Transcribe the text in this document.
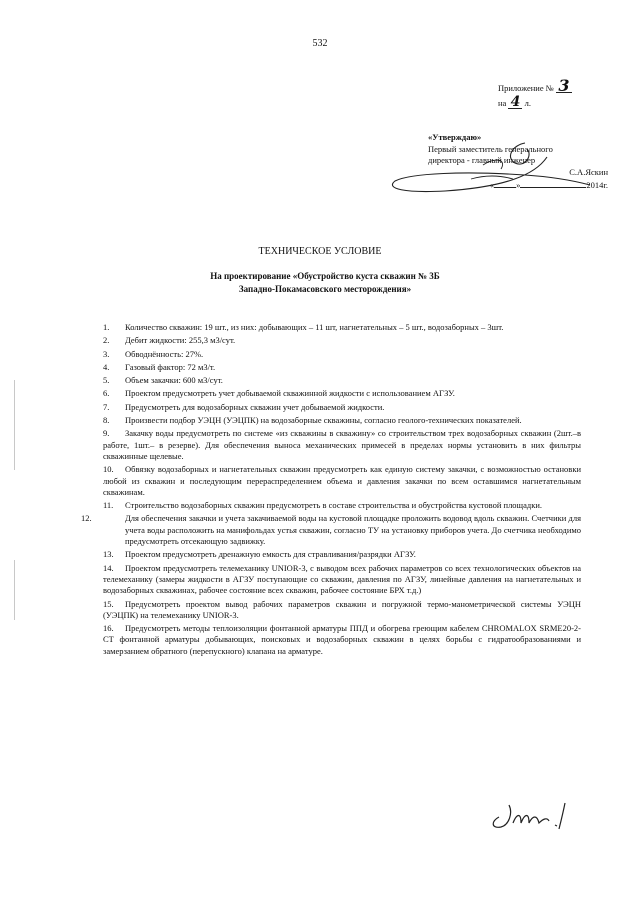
532
Приложение № 3
на 4 л.
«Утверждаю»
Первый заместитель генерального
директора - главный инженер
С.А.Яскин
«	»	2014г.
ТЕХНИЧЕСКОЕ УСЛОВИЕ
На проектирование «Обустройство куста скважин № 3Б
Западно-Покамасовского месторождения»
1. Количество скважин: 19 шт., из них: добывающих – 11 шт, нагнетательных – 5 шт., водозаборных – 3шт.
2. Дебит жидкости: 255,3 м3/сут.
3. Обводнённость: 27%.
4. Газовый фактор: 72 м3/т.
5. Объем закачки: 600 м3/сут.
6. Проектом предусмотреть учет добываемой скважинной жидкости с использованием АГЗУ.
7. Предусмотреть для водозаборных скважин учет добываемой жидкости.
8. Произвести подбор УЭЦН (УЭЦПК) на водозаборные скважины, согласно геолого-технических показателей.
9. Закачку воды предусмотреть по системе «из скважины в скважину» со строительством трех водозаборных скважин (2шт.–в работе, 1шт.– в резерве). Для обеспечения выноса механических примесей в пределах нормы установить в них фильтры скважинные щелевые.
10. Обвязку водозаборных и нагнетательных скважин предусмотреть как единую систему закачки, с возможностью остановки любой из скважин и последующим перераспределением объема и давления закачки по всем оставшимся нагнетательным скважинам.
11. Строительство водозаборных скважин предусмотреть в составе строительства и обустройства кустовой площадки.
12.	Для обеспечения закачки и учета закачиваемой воды на кустовой площадке проложить водовод вдоль скважин. Счетчики для учета воды расположить на манифольдах устья скважин, согласно ТУ на установку приборов учета. До счетчика необходимо предусмотреть отсекающую задвижку.
13. Проектом предусмотреть дренажную емкость для стравливания/разрядки АГЗУ.
14. Проектом предусмотреть телемеханику UNIOR-3, с выводом всех рабочих параметров со всех технологических объектов на телемеханику (замеры жидкости в АГЗУ поступающие со скважин, давления по АГЗУ, линейные давления на нагнетательных и водозаборных скважинах, рабочее состояние всех скважин, рабочее состояние БРХ т.д.)
15. Предусмотреть проектом вывод рабочих параметров скважин и погружной термо-манометрической системы УЭЦН (УЭЦПК) на телемеханику UNIOR-3.
16. Предусмотреть методы теплоизоляции фонтанной арматуры ППД и обогрева греющим кабелем CHROMALOX SRME20-2-CT фонтанной арматуры добывающих, поисковых и водозаборных скважин в целях борьбы с гидратообразованиями и замерзанием обратного (перепускного) клапана на арматуре.
